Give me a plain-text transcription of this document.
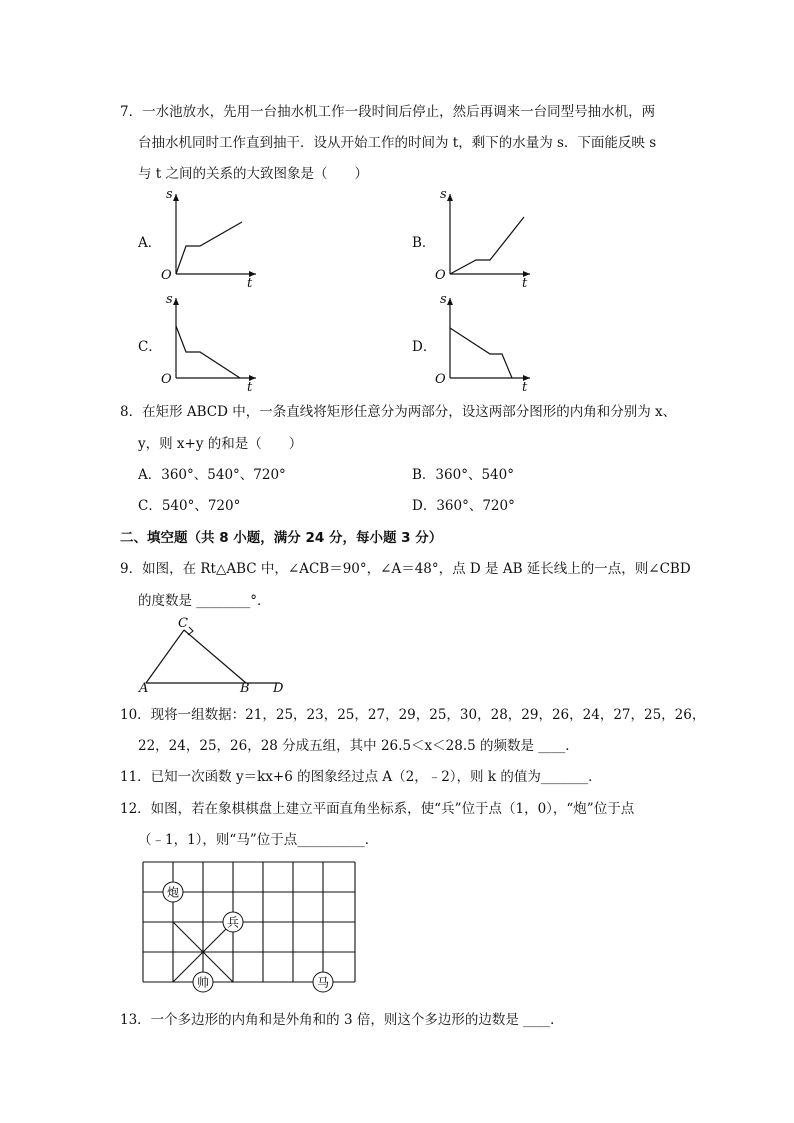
7．一水池放水，先用一台抽水机工作一段时间后停止，然后再调来一台同型号抽水机，两
台抽水机同时工作直到抽干．设从开始工作的时间为 t，剩下的水量为 s．下面能反映 s
与 t 之间的关系的大致图象是（　　）
A．
s
t
O
B．
s
t
O
C．
s
t
O
D．
s
t
O
8．在矩形 ABCD 中，一条直线将矩形任意分为两部分，设这两部分图形的内角和分别为 x、
y，则 x+y 的和是（　　）
A．360°、540°、720°	B．360°、540°
C．540°、720°	D．360°、720°
二、填空题（共 8 小题，满分 24 分，每小题 3 分）
9．如图，在 Rt△ABC 中，∠ACB＝90°，∠A＝48°，点 D 是 AB 延长线上的一点，则∠CBD
的度数是 ________°．
C
A	B D
10．现将一组数据：21，25，23，25，27，29，25，30，28，29，26，24，27，25，26，
22，24，25，26，28 分成五组，其中 26.5＜x＜28.5 的频数是 ____．
11．已知一次函数 y＝kx+6 的图象经过点 A（2，﹣2），则 k 的值为_______．
12．如图，若在象棋棋盘上建立平面直角坐标系，使“兵”位于点（1，0），“炮”位于点
（﹣1，1），则“马”位于点__________．
炮
兵
帅	马
13．一个多边形的内角和是外角和的 3 倍，则这个多边形的边数是 ____．
